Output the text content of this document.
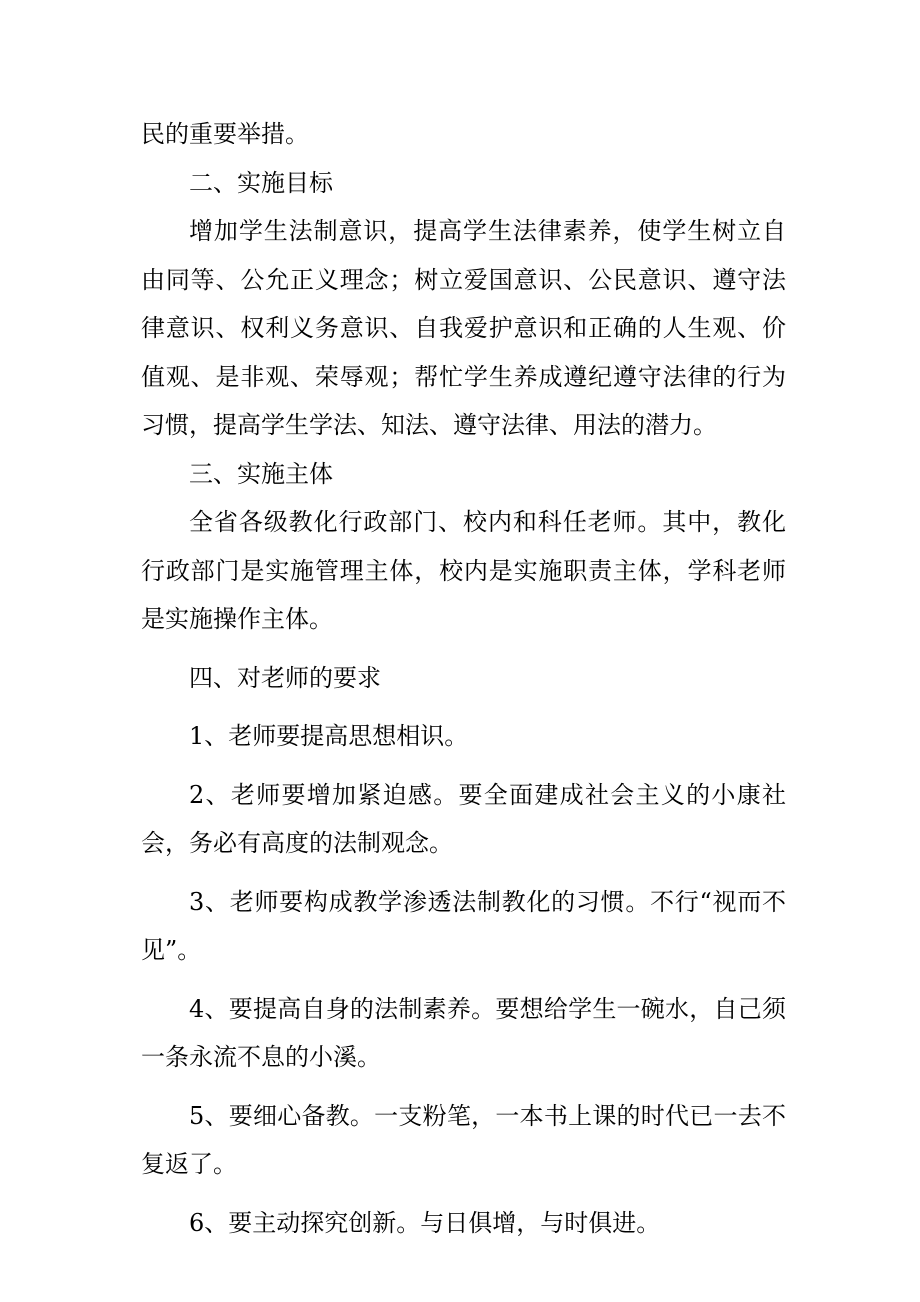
民的重要举措。

二、实施目标

增加学生法制意识，提高学生法律素养，使学生树立自由同等、公允正义理念；树立爱国意识、公民意识、遵守法律意识、权利义务意识、自我爱护意识和正确的人生观、价值观、是非观、荣辱观；帮忙学生养成遵纪遵守法律的行为习惯，提高学生学法、知法、遵守法律、用法的潜力。

三、实施主体

全省各级教化行政部门、校内和科任老师。其中，教化行政部门是实施管理主体，校内是实施职责主体，学科老师是实施操作主体。

四、对老师的要求

1、老师要提高思想相识。

2、老师要增加紧迫感。要全面建成社会主义的小康社会，务必有高度的法制观念。

3、老师要构成教学渗透法制教化的习惯。不行“视而不见”。

4、要提高自身的法制素养。要想给学生一碗水，自己须一条永流不息的小溪。

5、要细心备教。一支粉笔，一本书上课的时代已一去不复返了。

6、要主动探究创新。与日俱增，与时俱进。
